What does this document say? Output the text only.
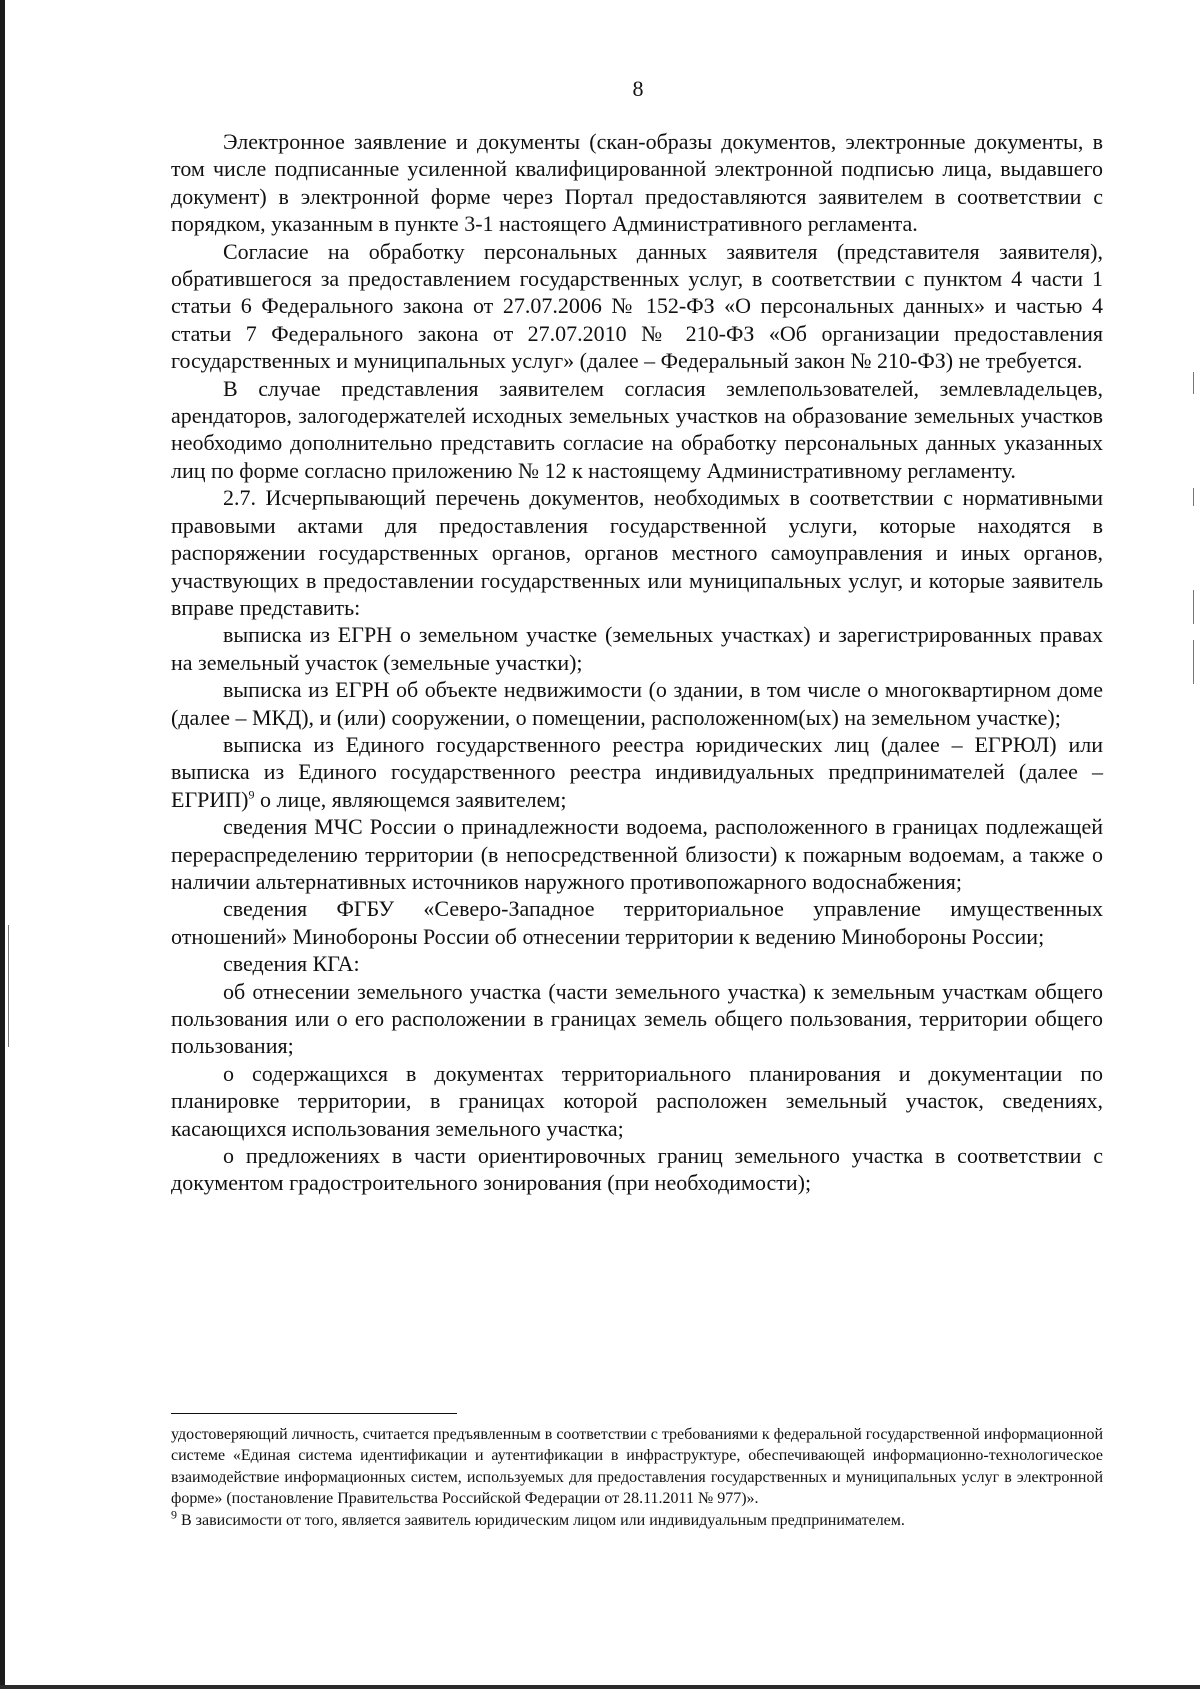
8

Электронное заявление и документы (скан-образы документов, электронные документы, в том числе подписанные усиленной квалифицированной электронной подписью лица, выдавшего документ) в электронной форме через Портал предоставляются заявителем в соответствии с порядком, указанным в пункте 3-1 настоящего Административного регламента.

Согласие на обработку персональных данных заявителя (представителя заявителя), обратившегося за предоставлением государственных услуг, в соответствии с пунктом 4 части 1 статьи 6 Федерального закона от 27.07.2006 № 152-ФЗ «О персональных данных» и частью 4 статьи 7 Федерального закона от 27.07.2010 № 210-ФЗ «Об организации предоставления государственных и муниципальных услуг» (далее – Федеральный закон № 210-ФЗ) не требуется.

В случае представления заявителем согласия землепользователей, землевладельцев, арендаторов, залогодержателей исходных земельных участков на образование земельных участков необходимо дополнительно представить согласие на обработку персональных данных указанных лиц по форме согласно приложению № 12 к настоящему Административному регламенту.

2.7. Исчерпывающий перечень документов, необходимых в соответствии с нормативными правовыми актами для предоставления государственной услуги, которые находятся в распоряжении государственных органов, органов местного самоуправления и иных органов, участвующих в предоставлении государственных или муниципальных услуг, и которые заявитель вправе представить:

выписка из ЕГРН о земельном участке (земельных участках) и зарегистрированных правах на земельный участок (земельные участки);

выписка из ЕГРН об объекте недвижимости (о здании, в том числе о многоквартирном доме (далее – МКД), и (или) сооружении, о помещении, расположенном(ых) на земельном участке);

выписка из Единого государственного реестра юридических лиц (далее – ЕГРЮЛ) или выписка из Единого государственного реестра индивидуальных предпринимателей (далее – ЕГРИП)$^9$ о лице, являющемся заявителем;

сведения МЧС России о принадлежности водоема, расположенного в границах подлежащей перераспределению территории (в непосредственной близости) к пожарным водоемам, а также о наличии альтернативных источников наружного противопожарного водоснабжения;

сведения ФГБУ «Северо-Западное территориальное управление имущественных отношений» Минобороны России об отнесении территории к ведению Минобороны России;

сведения КГА:

об отнесении земельного участка (части земельного участка) к земельным участкам общего пользования или о его расположении в границах земель общего пользования, территории общего пользования;

о содержащихся в документах территориального планирования и документации по планировке территории, в границах которой расположен земельный участок, сведениях, касающихся использования земельного участка;

о предложениях в части ориентировочных границ земельного участка в соответствии с документом градостроительного зонирования (при необходимости);

удостоверяющий личность, считается предъявленным в соответствии с требованиями к федеральной государственной информационной системе «Единая система идентификации и аутентификации в инфраструктуре, обеспечивающей информационно-технологическое взаимодействие информационных систем, используемых для предоставления государственных и муниципальных услуг в электронной форме» (постановление Правительства Российской Федерации от 28.11.2011 № 977)».

$^9$ В зависимости от того, является заявитель юридическим лицом или индивидуальным предпринимателем.
